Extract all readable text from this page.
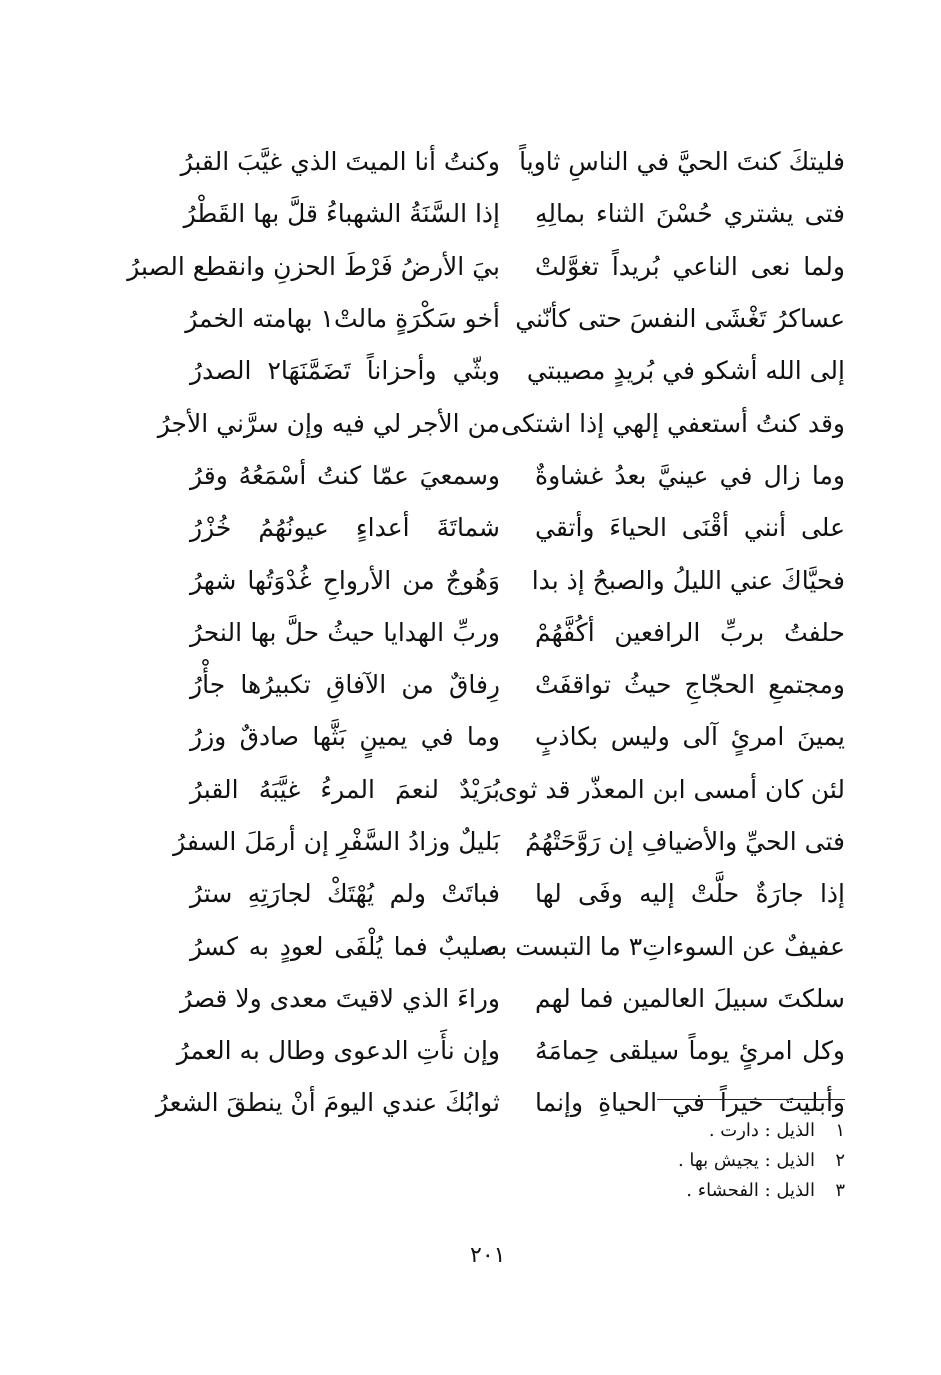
فليتكَ كنتَ الحيَّ في الناسِ ثاوياً
وكنتُ أنا الميتَ الذي غيَّبَ القبرُ
فتى يشتري حُسْنَ الثناء بمالِهِ
إذا السَّنَةُ الشهباءُ قلَّ بها القَطْرُ
ولما نعى الناعي بُريداً تغوَّلتْ
بيَ الأرضُ فَرْطَ الحزنِ وانقطع الصبرُ
عساكرُ تَغْشَى النفسَ حتى كأنّني
أخو سَكْرَةٍ مالتْ١ بهامته الخمرُ
إلى الله أشكو في بُريدٍ مصيبتي
وبثّي وأحزاناً تَضَمَّنَهَا٢ الصدرُ
وقد كنتُ أستعفي إلهي إذا اشتكى
من الأجر لي فيه وإن سرَّني الأجرُ
وما زال في عينيَّ بعدُ غشاوةٌ
وسمعيَ عمّا كنتُ أسْمَعُهُ وقرُ
على أنني أقْنَى الحياءَ وأتقي
شماتَةَ أعداءٍ عيونُهُمُ خُزْرُ
فحيَّاكَ عني الليلُ والصبحُ إذ بدا
وَهُوجٌ من الأرواحِ غُدْوَتُها شهرُ
حلفتُ بربِّ الرافعين أكُفَّهُمْ
وربِّ الهدايا حيثُ حلَّ بها النحرُ
ومجتمعِ الحجّاجِ حيثُ تواقفَتْ
رِفاقٌ من الآفاقِ تكبيرُها جأْرُ
يمينَ امرئٍ آلى وليس بكاذبٍ
وما في يمينٍ بَثَّها صادقٌ وزرُ
لئن كان أمسى ابن المعذّر قد ثوى
بُرَيْدٌ لنعمَ المرءُ غيَّبَهُ القبرُ
فتى الحيِّ والأضيافِ إن رَوَّحَتْهُمُ
بَليلٌ وزادُ السَّفْرِ إن أرمَلَ السفرُ
إذا جارَةٌ حلَّتْ إليه وفَى لها
فباتَتْ ولم يُهْتَكْ لجارَتِهِ سترُ
عفيفٌ عن السوءاتِ٣ ما التبست به
صليبٌ فما يُلْفَى لعودٍ به كسرُ
سلكتَ سبيلَ العالمين فما لهم
وراءَ الذي لاقيتَ معدى ولا قصرُ
وكل امرئٍ يوماً سيلقى حِمامَهُ
وإن نأَتِ الدعوى وطال به العمرُ
وأبليتَ خيراً في الحياةِ وإنما
ثوابُكَ عندي اليومَ أنْ ينطقَ الشعرُ
١
الذيل : دارت .
٢
الذيل : يجيش بها .
٣
الذيل : الفحشاء .
٢٠١
